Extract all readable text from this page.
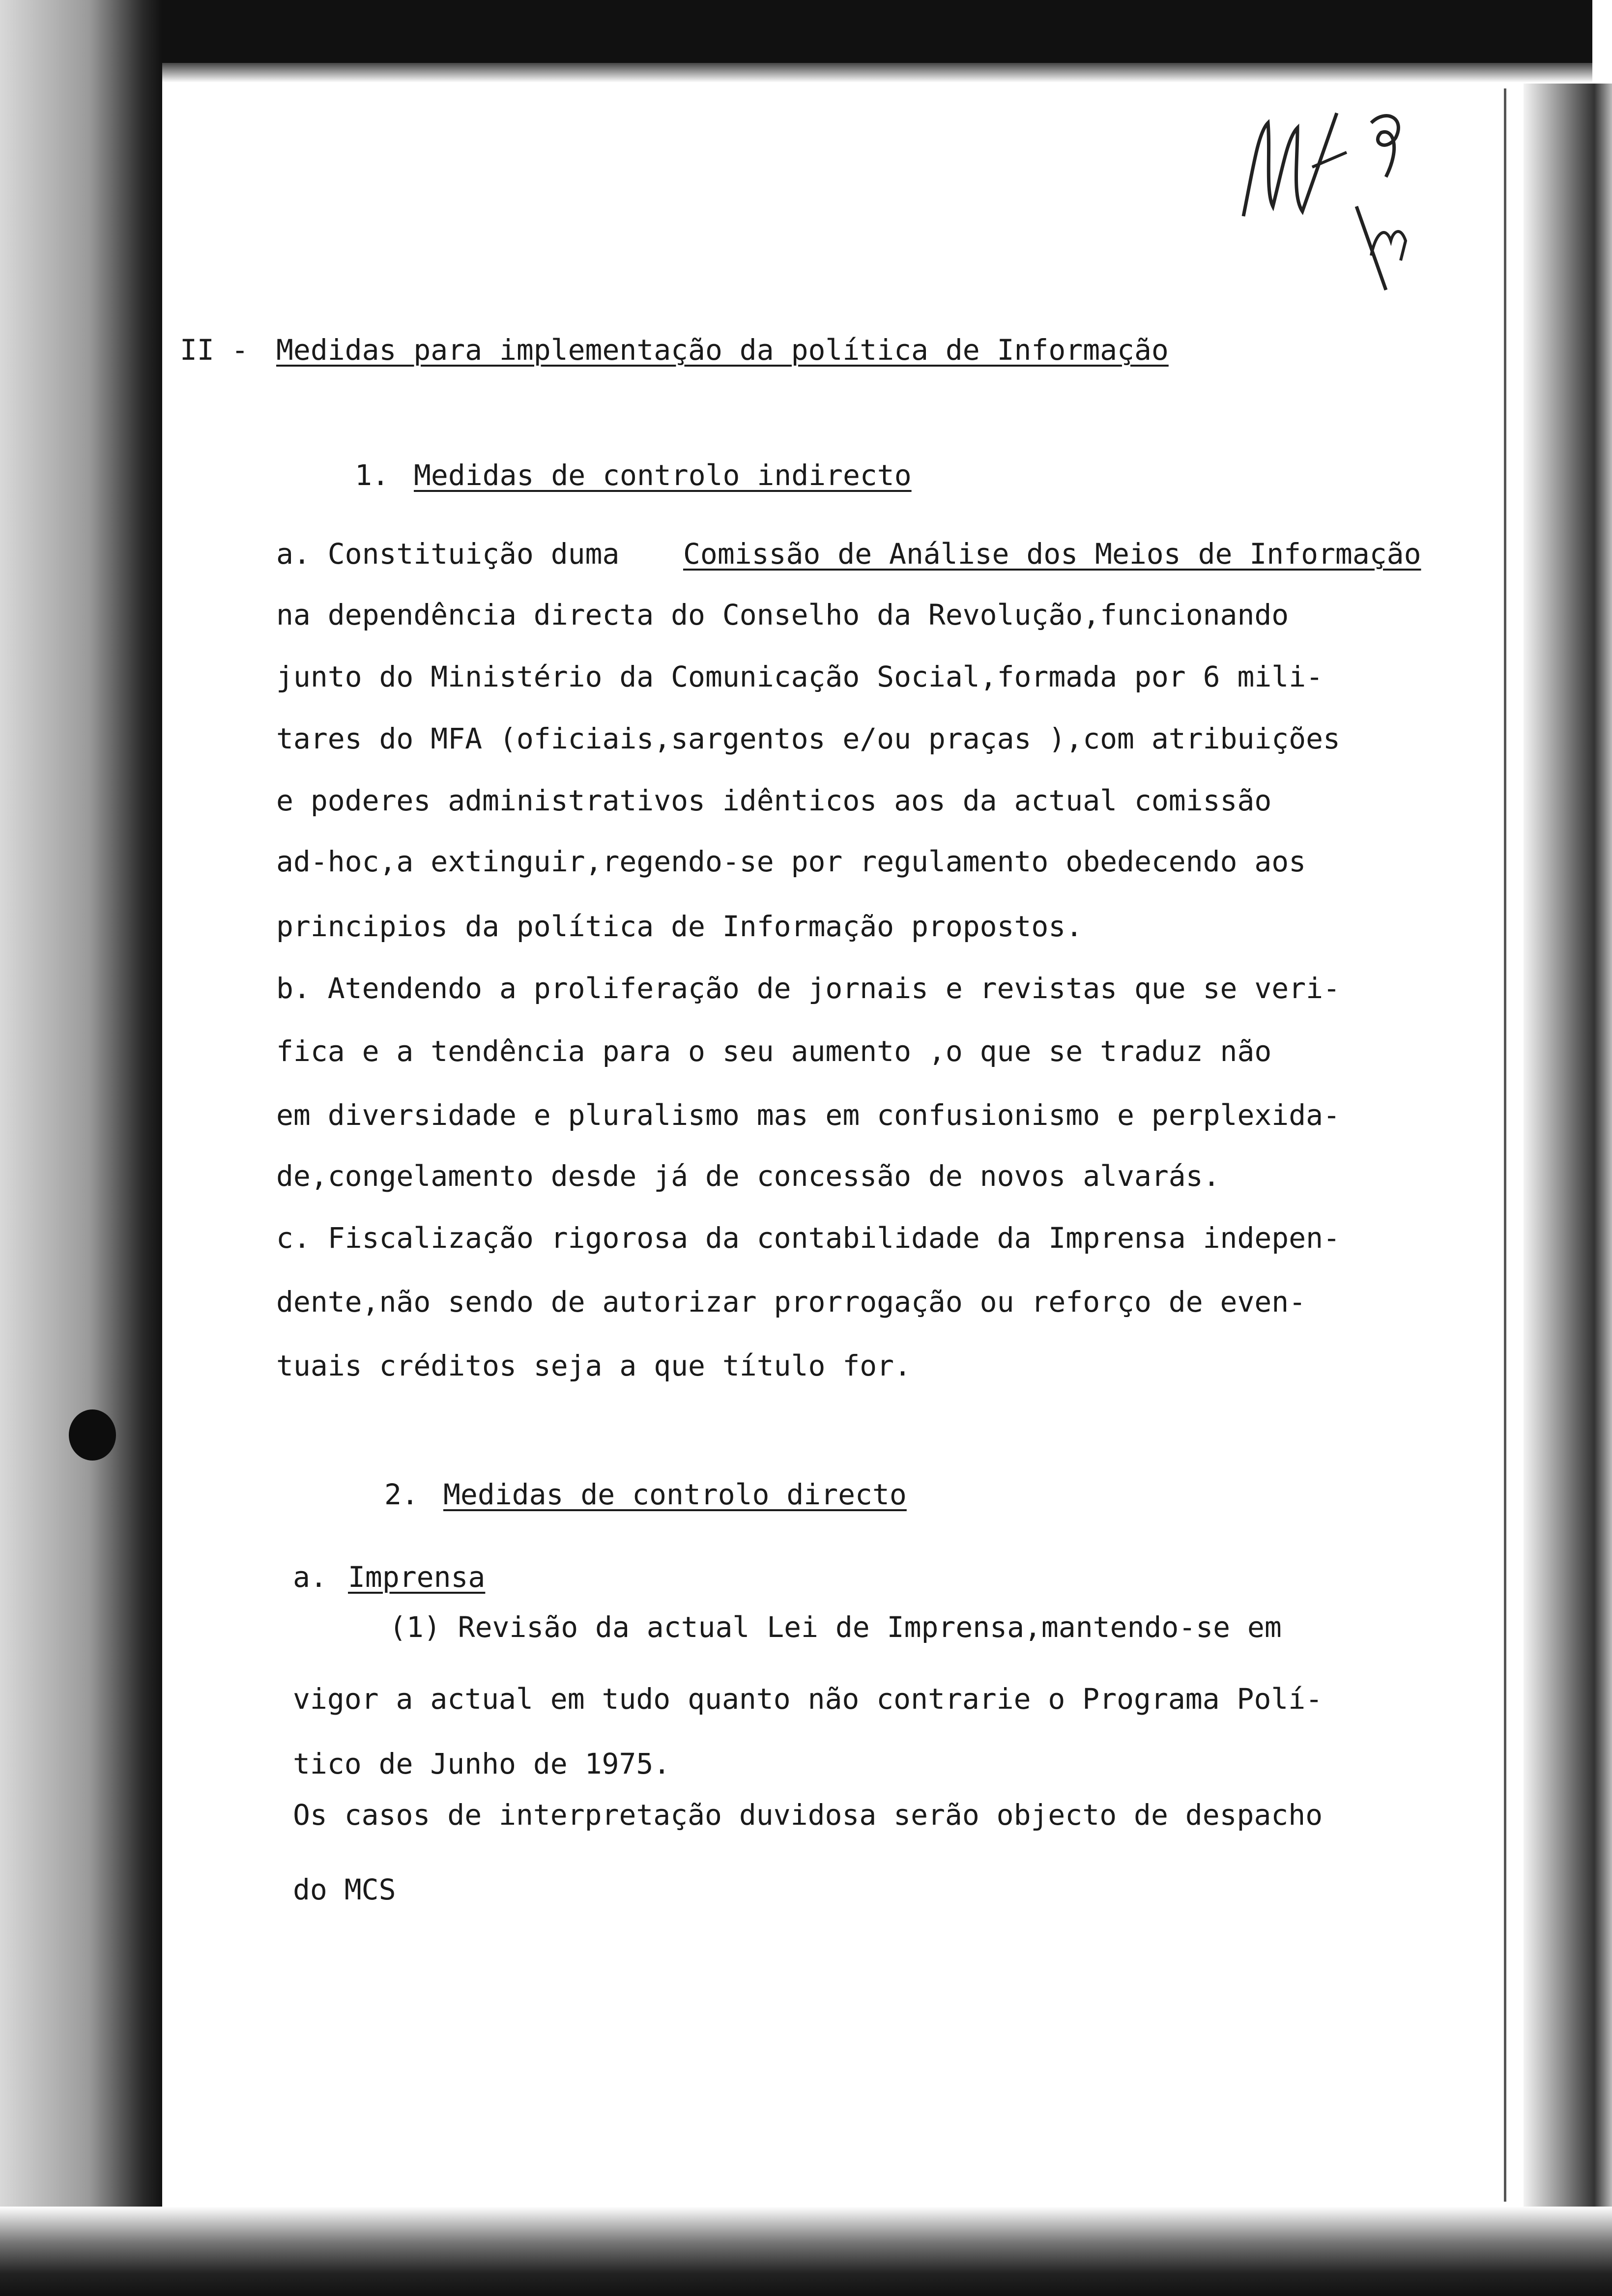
II - Medidas para implementação da política de Informação
1. Medidas de controlo indirecto
a. Constituição duma Comissão de Análise dos Meios de Informação
na dependência directa do Conselho da Revolução,funcionando
junto do Ministério da Comunicação Social,formada por 6 mili-
tares do MFA (oficiais,sargentos e/ou praças ),com atribuições
e poderes administrativos idênticos aos da actual comissão
ad-hoc,a extinguir,regendo-se por regulamento obedecendo aos
principios da política de Informação propostos.
b. Atendendo a proliferação de jornais e revistas que se veri-
fica e a tendência para o seu aumento ,o que se traduz não
em diversidade e pluralismo mas em confusionismo e perplexida-
de,congelamento desde já de concessão de novos alvarás.
c. Fiscalização rigorosa da contabilidade da Imprensa indepen-
dente,não sendo de autorizar prorrogação ou reforço de even-
tuais créditos seja a que título for.
2. Medidas de controlo directo
a. Imprensa
(1) Revisão da actual Lei de Imprensa,mantendo-se em
vigor a actual em tudo quanto não contrarie o Programa Polí-
tico de Junho de 1975.
Os casos de interpretação duvidosa serão objecto de despacho
do MCS
